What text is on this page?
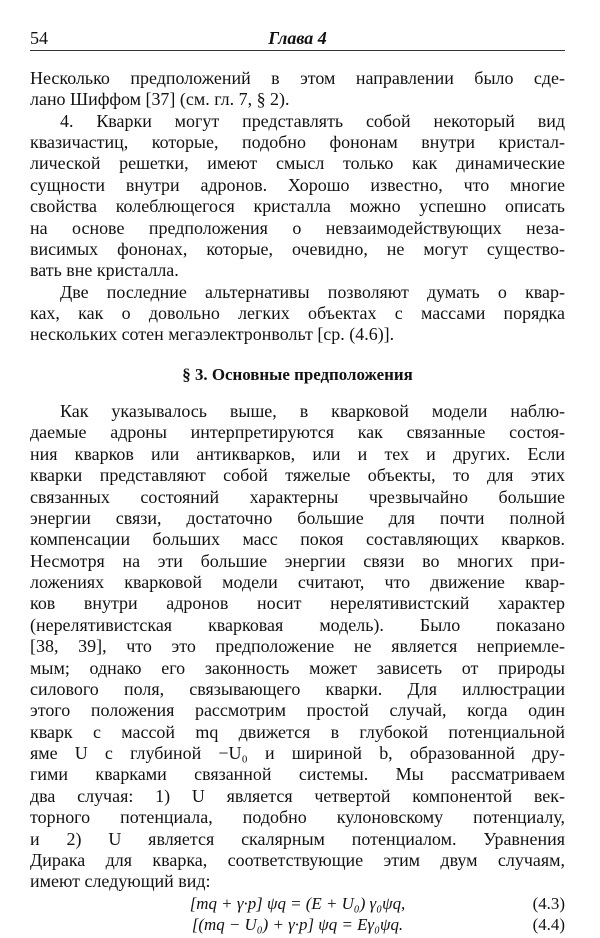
54	Глава 4
Несколько предположений в этом направлении было сде-
лано Шиффом [37] (см. гл. 7, § 2).
4. Кварки могут представлять собой некоторый вид
квазичастиц, которые, подобно фононам внутри кристал-
лической решетки, имеют смысл только как динамические
сущности внутри адронов. Хорошо известно, что многие
свойства колеблющегося кристалла можно успешно описать
на основе предположения о невзаимодействующих неза-
висимых фононах, которые, очевидно, не могут существо-
вать вне кристалла.
Две последние альтернативы позволяют думать о квар-
ках, как о довольно легких объектах с массами порядка
нескольких сотен мегаэлектронвольт [ср. (4.6)].
§ 3. Основные предположения
Как указывалось выше, в кварковой модели наблю-
даемые адроны интерпретируются как связанные состоя-
ния кварков или антикварков, или и тех и других. Если
кварки представляют собой тяжелые объекты, то для этих
связанных состояний характерны чрезвычайно большие
энергии связи, достаточно большие для почти полной
компенсации больших масс покоя составляющих кварков.
Несмотря на эти большие энергии связи во многих при-
ложениях кварковой модели считают, что движение квар-
ков внутри адронов носит нерелятивистский характер
(нерелятивистская кварковая модель). Было показано
[38, 39], что это предположение не является неприемле-
мым; однако его законность может зависеть от природы
силового поля, связывающего кварки. Для иллюстрации
этого положения рассмотрим простой случай, когда один
кварк с массой mq движется в глубокой потенциальной
яме U с глубиной −U₀ и шириной b, образованной дру-
гими кварками связанной системы. Мы рассматриваем
два случая: 1) U является четвертой компонентой век-
торного потенциала, подобно кулоновскому потенциалу,
и 2) U является скалярным потенциалом. Уравнения
Дирака для кварка, соответствующие этим двум случаям,
имеют следующий вид:
[mq + γ·p] ψq = (E + U₀) γ₀ψq,	(4.3)
[(mq − U₀) + γ·p] ψq = Eγ₀ψq.	(4.4)
